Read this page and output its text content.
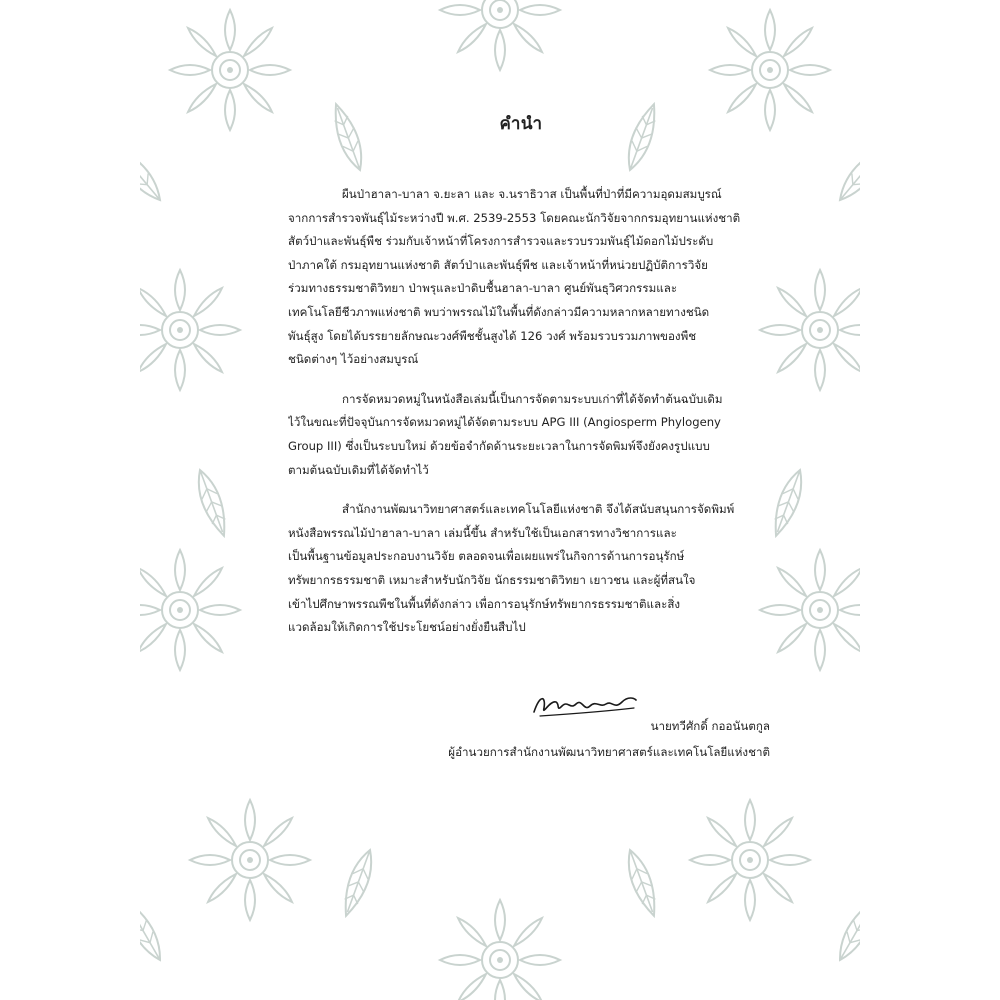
คำนำ
ผืนป่าฮาลา-บาลา จ.ยะลา และ จ.นราธิวาส เป็นพื้นที่ป่าที่มีความอุดมสมบูรณ์
จากการสำรวจพันธุ์ไม้ระหว่างปี พ.ศ. 2539-2553 โดยคณะนักวิจัยจากกรมอุทยานแห่งชาติ
สัตว์ป่าและพันธุ์พืช ร่วมกับเจ้าหน้าที่โครงการสำรวจและรวบรวมพันธุ์ไม้ดอกไม้ประดับ
ป่าภาคใต้ กรมอุทยานแห่งชาติ สัตว์ป่าและพันธุ์พืช และเจ้าหน้าที่หน่วยปฏิบัติการวิจัย
ร่วมทางธรรมชาติวิทยา ป่าพรุและป่าดิบชื้นฮาลา-บาลา ศูนย์พันธุวิศวกรรมและ
เทคโนโลยีชีวภาพแห่งชาติ พบว่าพรรณไม้ในพื้นที่ดังกล่าวมีความหลากหลายทางชนิด
พันธุ์สูง โดยได้บรรยายลักษณะวงศ์พืชชั้นสูงได้ 126 วงศ์ พร้อมรวบรวมภาพของพืช
ชนิดต่างๆ ไว้อย่างสมบูรณ์
การจัดหมวดหมู่ในหนังสือเล่มนี้เป็นการจัดตามระบบเก่าที่ได้จัดทำต้นฉบับเดิม
ไว้ในขณะที่ปัจจุบันการจัดหมวดหมู่ได้จัดตามระบบ APG III (Angiosperm Phylogeny
Group III) ซึ่งเป็นระบบใหม่ ด้วยข้อจำกัดด้านระยะเวลาในการจัดพิมพ์จึงยังคงรูปแบบ
ตามต้นฉบับเดิมที่ได้จัดทำไว้
สำนักงานพัฒนาวิทยาศาสตร์และเทคโนโลยีแห่งชาติ จึงได้สนับสนุนการจัดพิมพ์
หนังสือพรรณไม้ป่าฮาลา-บาลา เล่มนี้ขึ้น สำหรับใช้เป็นเอกสารทางวิชาการและ
เป็นพื้นฐานข้อมูลประกอบงานวิจัย ตลอดจนเพื่อเผยแพร่ในกิจการด้านการอนุรักษ์
ทรัพยากรธรรมชาติ เหมาะสำหรับนักวิจัย นักธรรมชาติวิทยา เยาวชน และผู้ที่สนใจ
เข้าไปศึกษาพรรณพืชในพื้นที่ดังกล่าว เพื่อการอนุรักษ์ทรัพยากรธรรมชาติและสิ่ง
แวดล้อมให้เกิดการใช้ประโยชน์อย่างยั่งยืนสืบไป
นายทวีศักดิ์ กออนันตกูล
ผู้อำนวยการสำนักงานพัฒนาวิทยาศาสตร์และเทคโนโลยีแห่งชาติ
